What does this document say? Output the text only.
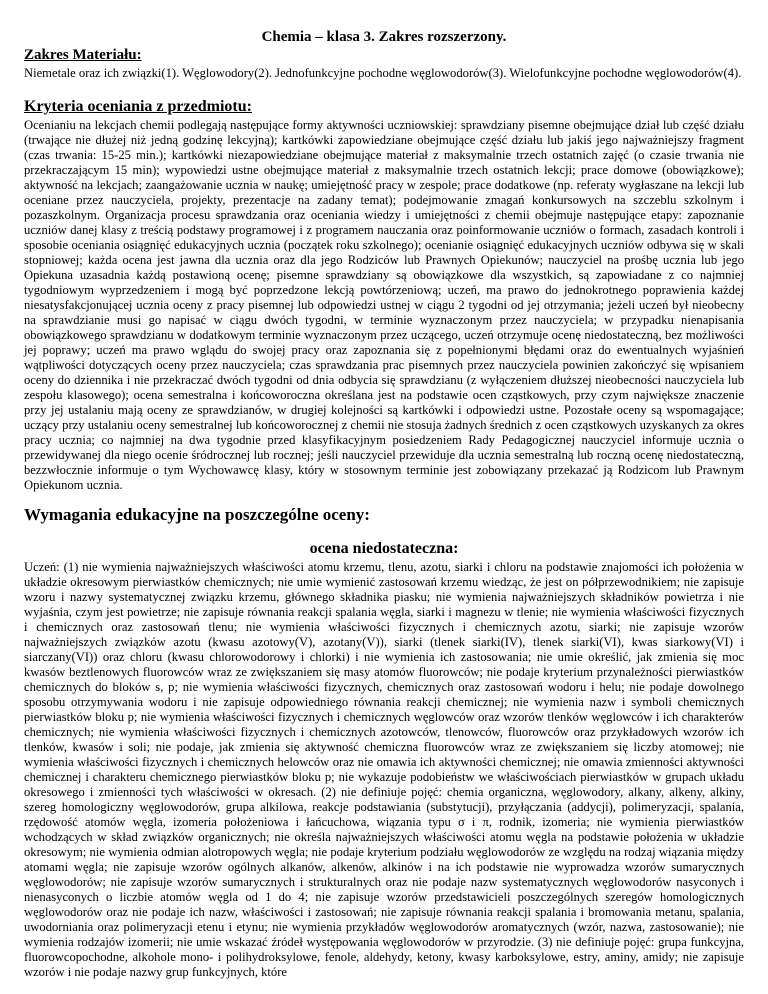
Chemia – klasa 3. Zakres rozszerzony.
Zakres Materiału:

Niemetale oraz ich związki(1). Węglowodory(2). Jednofunkcyjne pochodne węglowodorów(3). Wielofunkcyjne pochodne węglowodorów(4).

Kryteria oceniania z przedmiotu:

Ocenianiu na lekcjach chemii podlegają następujące formy aktywności uczniowskiej: sprawdziany pisemne obejmujące dział lub część działu (trwające nie dłużej niż jedną godzinę lekcyjną); kartkówki zapowiedziane obejmujące część działu lub jakiś jego najważniejszy fragment (czas trwania: 15-25 min.); kartkówki niezapowiedziane obejmujące materiał z maksymalnie trzech ostatnich zajęć (o czasie trwania nie przekraczającym 15 min); wypowiedzi ustne obejmujące materiał z maksymalnie trzech ostatnich lekcji; prace domowe (obowiązkowe); aktywność na lekcjach; zaangażowanie ucznia w naukę; umiejętność pracy w zespole; prace dodatkowe (np. referaty wygłaszane na lekcji lub oceniane przez nauczyciela, projekty, prezentacje na zadany temat); podejmowanie zmagań konkursowych na szczeblu szkolnym i pozaszkolnym. Organizacja procesu sprawdzania oraz oceniania wiedzy i umiejętności z chemii obejmuje następujące etapy: zapoznanie uczniów danej klasy z treścią podstawy programowej i z programem nauczania oraz poinformowanie uczniów o formach, zasadach kontroli i sposobie oceniania osiągnięć edukacyjnych ucznia (początek roku szkolnego); ocenianie osiągnięć edukacyjnych uczniów odbywa się w skali stopniowej; każda ocena jest jawna dla ucznia oraz dla jego Rodziców lub Prawnych Opiekunów; nauczyciel na prośbę ucznia lub jego Opiekuna uzasadnia każdą postawioną ocenę; pisemne sprawdziany są obowiązkowe dla wszystkich, są zapowiadane z co najmniej tygodniowym wyprzedzeniem i mogą być poprzedzone lekcją powtórzeniową; uczeń, ma prawo do jednokrotnego poprawienia każdej niesatysfakcjonującej ucznia oceny z pracy pisemnej lub odpowiedzi ustnej w ciągu 2 tygodni od jej otrzymania; jeżeli uczeń był nieobecny na sprawdzianie musi go napisać w ciągu dwóch tygodni, w terminie wyznaczonym przez nauczyciela; w przypadku nienapisania obowiązkowego sprawdzianu w dodatkowym terminie wyznaczonym przez uczącego, uczeń otrzymuje ocenę niedostateczną, bez możliwości jej poprawy; uczeń ma prawo wglądu do swojej pracy oraz zapoznania się z popełnionymi błędami oraz do ewentualnych wyjaśnień wątpliwości dotyczących oceny przez nauczyciela; czas sprawdzania prac pisemnych przez nauczyciela powinien zakończyć się wpisaniem oceny do dziennika i nie przekraczać dwóch tygodni od dnia odbycia się sprawdzianu (z wyłączeniem dłuższej nieobecności nauczyciela lub zespołu klasowego); ocena semestralna i końcoworoczna określana jest na podstawie ocen cząstkowych, przy czym największe znaczenie przy jej ustalaniu mają oceny ze sprawdzianów, w drugiej kolejności są kartkówki i odpowiedzi ustne. Pozostałe oceny są wspomagające; uczący przy ustalaniu oceny semestralnej lub końcoworocznej z chemii nie stosuja żadnych średnich z ocen cząstkowych uzyskanych za okres pracy ucznia; co najmniej na dwa tygodnie przed klasyfikacyjnym posiedzeniem Rady Pedagogicznej nauczyciel informuje ucznia o przewidywanej dla niego ocenie śródrocznej lub rocznej; jeśli nauczyciel przewiduje dla ucznia semestralną lub roczną ocenę niedostateczną, bezzwłocznie informuje o tym Wychowawcę klasy, który w stosownym terminie jest zobowiązany przekazać ją Rodzicom lub Prawnym Opiekunom ucznia.

Wymagania edukacyjne na poszczególne oceny:
ocena niedostateczna:

Uczeń: (1) nie wymienia najważniejszych właściwości atomu krzemu, tlenu, azotu, siarki i chloru na podstawie znajomości ich położenia w układzie okresowym pierwiastków chemicznych; nie umie wymienić zastosowań krzemu wiedząc, że jest on półprzewodnikiem; nie zapisuje wzoru i nazwy systematycznej związku krzemu, głównego składnika piasku; nie wymienia najważniejszych składników powietrza i nie wyjaśnia, czym jest powietrze; nie zapisuje równania reakcji spalania węgla, siarki i magnezu w tlenie; nie wymienia właściwości fizycznych i chemicznych oraz zastosowań tlenu; nie wymienia właściwości fizycznych i chemicznych azotu, siarki; nie zapisuje wzorów najważniejszych związków azotu (kwasu azotowy(V), azotany(V)), siarki (tlenek siarki(IV), tlenek siarki(VI), kwas siarkowy(VI) i siarczany(VI)) oraz chloru (kwasu chlorowodorowy i chlorki) i nie wymienia ich zastosowania; nie umie określić, jak zmienia się moc kwasów beztlenowych fluorowców wraz ze zwiększaniem się masy atomów fluorowców; nie podaje kryterium przynależności pierwiastków chemicznych do bloków s, p; nie wymienia właściwości fizycznych, chemicznych oraz zastosowań wodoru i helu; nie podaje dowolnego sposobu otrzymywania wodoru i nie zapisuje odpowiedniego równania reakcji chemicznej; nie wymienia nazw i symboli chemicznych pierwiastków bloku p; nie wymienia właściwości fizycznych i chemicznych węglowców oraz wzorów tlenków węglowców i ich charakterów chemicznych; nie wymienia właściwości fizycznych i chemicznych azotowców, tlenowców, fluorowców oraz przykładowych wzorów ich tlenków, kwasów i soli; nie podaje, jak zmienia się aktywność chemiczna fluorowców wraz ze zwiększaniem się liczby atomowej; nie wymienia właściwości fizycznych i chemicznych helowców oraz nie omawia ich aktywności chemicznej; nie omawia zmienności aktywności chemicznej i charakteru chemicznego pierwiastków bloku p; nie wykazuje podobieństw we właściwościach pierwiastków w grupach układu okresowego i zmienności tych właściwości w okresach. (2) nie definiuje pojęć: chemia organiczna, węglowodory, alkany, alkeny, alkiny, szereg homologiczny węglowodorów, grupa alkilowa, reakcje podstawiania (substytucji), przyłączania (addycji), polimeryzacji, spalania, rzędowość atomów węgla, izomeria położeniowa i łańcuchowa, wiązania typu σ i π, rodnik, izomeria; nie wymienia pierwiastków wchodzących w skład związków organicznych; nie określa najważniejszych właściwości atomu węgla na podstawie położenia w układzie okresowym; nie wymienia odmian alotropowych węgla; nie podaje kryterium podziału węglowodorów ze względu na rodzaj wiązania między atomami węgla; nie zapisuje wzorów ogólnych alkanów, alkenów, alkinów i na ich podstawie nie wyprowadza wzorów sumarycznych węglowodorów; nie zapisuje wzorów sumarycznych i strukturalnych oraz nie podaje nazw systematycznych węglowodorów nasyconych i nienasyconych o liczbie atomów węgla od 1 do 4; nie zapisuje wzorów przedstawicieli poszczególnych szeregów homologicznych węglowodorów oraz nie podaje ich nazw, właściwości i zastosowań; nie zapisuje równania reakcji spalania i bromowania metanu, spalania, uwodorniania oraz polimeryzacji etenu i etynu; nie wymienia przykładów węglowodorów aromatycznych (wzór, nazwa, zastosowanie); nie wymienia rodzajów izomerii; nie umie wskazać źródeł występowania węglowodorów w przyrodzie. (3) nie definiuje pojęć: grupa funkcyjna, fluorowcopochodne, alkohole mono- i polihydroksylowe, fenole, aldehydy, ketony, kwasy karboksylowe, estry, aminy, amidy; nie zapisuje wzorów i nie podaje nazwy grup funkcyjnych, które
